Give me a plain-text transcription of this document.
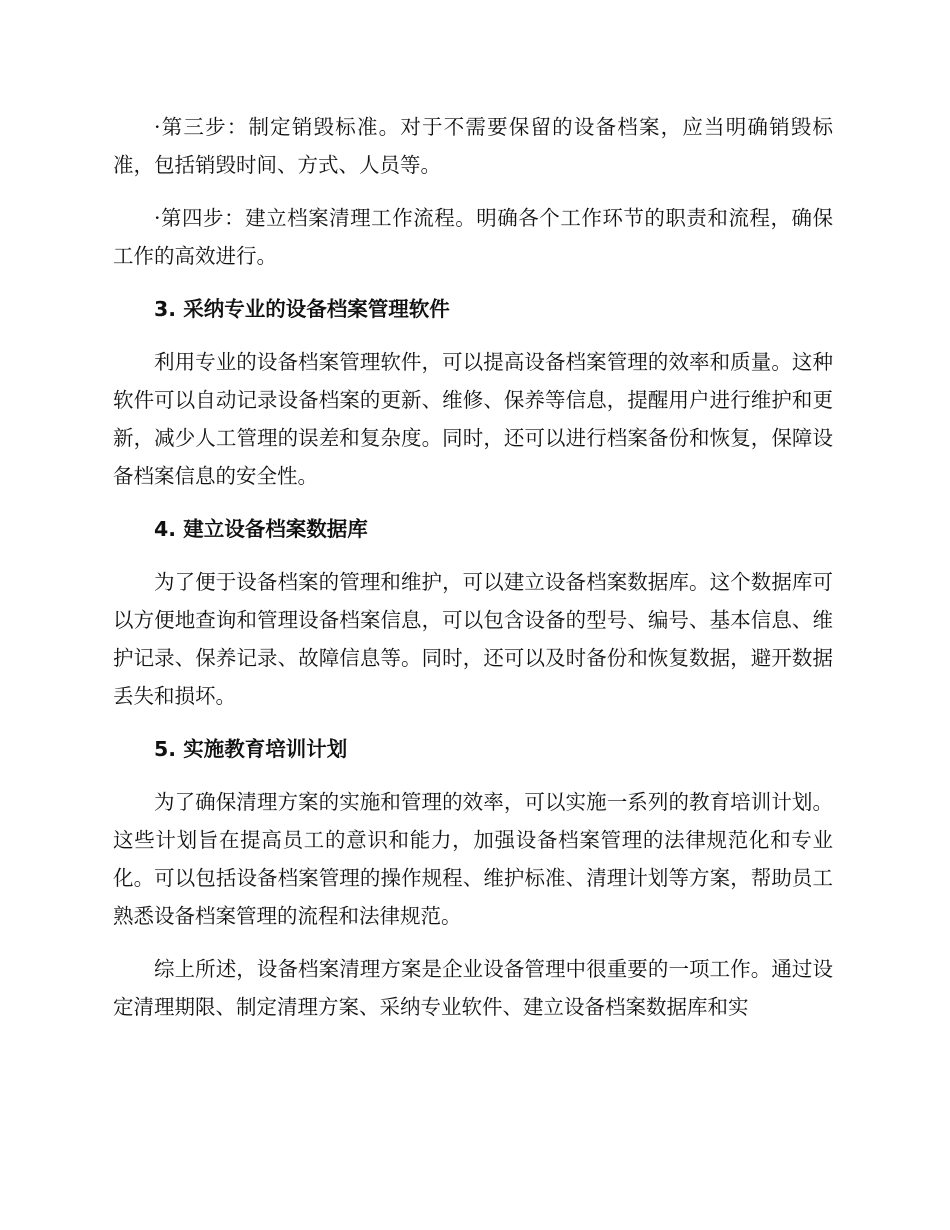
·第三步：制定销毁标准。对于不需要保留的设备档案，应当明确销毁标准，包括销毁时间、方式、人员等。

·第四步：建立档案清理工作流程。明确各个工作环节的职责和流程，确保工作的高效进行。

3. 采纳专业的设备档案管理软件

利用专业的设备档案管理软件，可以提高设备档案管理的效率和质量。这种软件可以自动记录设备档案的更新、维修、保养等信息，提醒用户进行维护和更新，减少人工管理的误差和复杂度。同时，还可以进行档案备份和恢复，保障设备档案信息的安全性。

4. 建立设备档案数据库

为了便于设备档案的管理和维护，可以建立设备档案数据库。这个数据库可以方便地查询和管理设备档案信息，可以包含设备的型号、编号、基本信息、维护记录、保养记录、故障信息等。同时，还可以及时备份和恢复数据，避开数据丢失和损坏。

5. 实施教育培训计划

为了确保清理方案的实施和管理的效率，可以实施一系列的教育培训计划。这些计划旨在提高员工的意识和能力，加强设备档案管理的法律规范化和专业化。可以包括设备档案管理的操作规程、维护标准、清理计划等方案，帮助员工熟悉设备档案管理的流程和法律规范。

综上所述，设备档案清理方案是企业设备管理中很重要的一项工作。通过设定清理期限、制定清理方案、采纳专业软件、建立设备档案数据库和实
